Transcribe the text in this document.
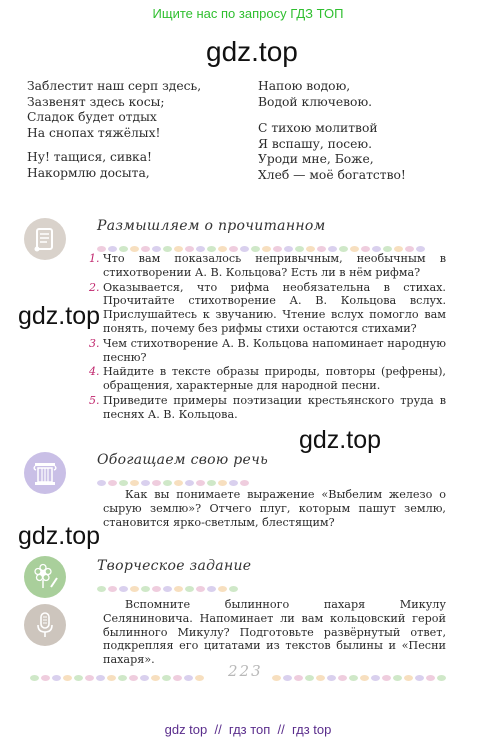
Ищите нас по запросу ГДЗ ТОП
gdz.top
gdz.top
gdz.top
gdz.top
Заблестит наш серп здесь,
Зазвенят здесь косы;
Сладок будет отдых
На снопах тяжёлых!
Ну! тащися, сивка!
Накормлю досыта,
Напою водою,
Водой ключевою.
С тихою молитвой
Я вспашу, посею.
Уроди мне, Боже,
Хлеб — моё богатство!
Размышляем о прочитанном
1. Что вам показалось непривычным, необычным в стихотворении А. В. Кольцова? Есть ли в нём рифма?
2. Оказывается, что рифма необязательна в стихах. Прочитайте стихотворение А. В. Кольцова вслух. Прислушайтесь к звучанию. Чтение вслух помогло вам понять, почему без рифмы стихи остаются стихами?
3. Чем стихотворение А. В. Кольцова напоминает народную песню?
4. Найдите в тексте образы природы, повторы (рефрены), обращения, характерные для народной песни.
5. Приведите примеры поэтизации крестьянского труда в песнях А. В. Кольцова.
Обогащаем свою речь
Как вы понимаете выражение «Выбелим железо о сырую землю»? Отчего плуг, которым пашут землю, становится ярко-светлым, блестящим?
Творческое задание
Вспомните былинного пахаря Микулу Селяниновича. Напоминает ли вам кольцовский герой былинного Микулу? Подготовьте развёрнутый ответ, подкрепляя его цитатами из текстов былины и «Песни пахаря».
223
gdz top  //  гдз топ  //  гдз top
